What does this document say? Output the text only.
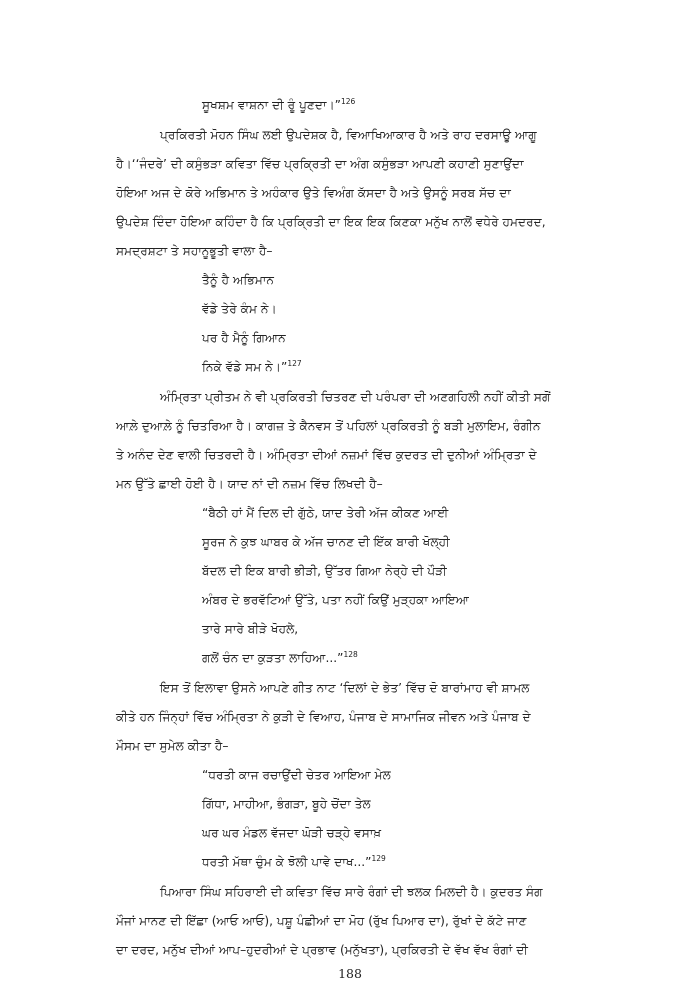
ਸੂਖਸ਼ਮ ਵਾਸ਼ਨਾ ਦੀ ਰੂੰ ਪੂਣਦਾ।”$^{126}$
ਪ੍ਰਕਿਰਤੀ ਮੋਹਨ ਸਿੰਘ ਲਈ ਉਪਦੇਸ਼ਕ ਹੈ, ਵਿਆਖਿਆਕਾਰ ਹੈ ਅਤੇ ਰਾਹ ਦਰਸਾਊ ਆਗੂ
ਹੈ।‘‘ਜੰਦਰੇ’ ਦੀ ਕਸੁੰਭੜਾ ਕਵਿਤਾ ਵਿੱਚ ਪ੍ਰਕ੍ਰਿਤੀ ਦਾ ਅੰਗ ਕਸੁੰਭੜਾ ਆਪਣੀ ਕਹਾਣੀ ਸੁਣਾਉਂਦਾ
ਹੋਇਆ ਅਜ ਦੇ ਕੋਰੇ ਅਭਿਮਾਨ ਤੇ ਅਹੰਕਾਰ ਉਤੇ ਵਿਅੰਗ ਕੱਸਦਾ ਹੈ ਅਤੇ ਉਸਨੂੰ ਸਰਬ ਸੱਚ ਦਾ
ਉਪਦੇਸ਼ ਦਿੰਦਾ ਹੋਇਆ ਕਹਿੰਦਾ ਹੈ ਕਿ ਪ੍ਰਕ੍ਰਿਤੀ ਦਾ ਇਕ ਇਕ ਕਿਣਕਾ ਮਨੁੱਖ ਨਾਲੋਂ ਵਧੇਰੇ ਹਮਦਰਦ,
ਸਮਦ੍ਰਸ਼ਟਾ ਤੇ ਸਹਾਨੂਭੂਤੀ ਵਾਲਾ ਹੈ–
ਤੈਨੂੰ ਹੈ ਅਭਿਮਾਨ
ਵੱਡੇ ਤੇਰੇ ਕੰਮ ਨੇ।
ਪਰ ਹੈ ਮੈਨੂੰ ਗਿਆਨ
ਨਿਕੇ ਵੱਡੇ ਸਮ ਨੇ।”$^{127}$
ਅੰਮ੍ਰਿਤਾ ਪ੍ਰੀਤਮ ਨੇ ਵੀ ਪ੍ਰਕਿਰਤੀ ਚਿਤਰਣ ਦੀ ਪਰੰਪਰਾ ਦੀ ਅਣਗਹਿਲੀ ਨਹੀਂ ਕੀਤੀ ਸਗੋਂ
ਆਲ਼ੇ ਦੁਆਲ਼ੇ ਨੂੰ ਚਿਤਰਿਆ ਹੈ। ਕਾਗਜ਼ ਤੇ ਕੈਨਵਸ ਤੋਂ ਪਹਿਲਾਂ ਪ੍ਰਕਿਰਤੀ ਨੂੰ ਬੜੀ ਮੁਲਾਇਮ, ਰੰਗੀਨ
ਤੇ ਅਨੰਦ ਦੇਣ ਵਾਲੀ ਚਿਤਰਦੀ ਹੈ। ਅੰਮ੍ਰਿਤਾ ਦੀਆਂ ਨਜ਼ਮਾਂ ਵਿੱਚ ਕੁਦਰਤ ਦੀ ਦੁਨੀਆਂ ਅੰਮ੍ਰਿਤਾ ਦੇ
ਮਨ ਉੱਤੇ ਛਾਈ ਹੋਈ ਹੈ। ਯਾਦ ਨਾਂ ਦੀ ਨਜ਼ਮ ਵਿੱਚ ਲਿਖਦੀ ਹੈ–
“ਬੈਠੀ ਹਾਂ ਮੈਂ ਦਿਲ ਦੀ ਗੁੱਠੇ, ਯਾਦ ਤੇਰੀ ਅੱਜ ਕੀਕਣ ਆਈ
ਸੂਰਜ ਨੇ ਕੁਝ ਘਾਬਰ ਕੇ ਅੱਜ ਚਾਨਣ ਦੀ ਇੱਕ ਬਾਰੀ ਖੋਲ੍ਹੀ
ਬੱਦਲ ਦੀ ਇਕ ਬਾਰੀ ਭੀੜੀ, ਉੱਤਰ ਗਿਆ ਨੇਰ੍ਹੇ ਦੀ ਪੌੜੀ
ਅੰਬਰ ਦੇ ਭਰਵੱਟਿਆਂ ਉੱਤੇ, ਪਤਾ ਨਹੀਂ ਕਿਉਂ ਮੁੜ੍ਹਕਾ ਆਇਆ
ਤਾਰੇ ਸਾਰੇ ਬੀੜੇ ਖੋਹਲੇ,
ਗਲੋਂ ਚੰਨ ਦਾ ਕੁੜਤਾ ਲਾਹਿਆ...”$^{128}$
ਇਸ ਤੋਂ ਇਲਾਵਾ ਉਸਨੇ ਆਪਣੇ ਗੀਤ ਨਾਟ ‘ਦਿਲਾਂ ਦੇ ਭੇਤ’ ਵਿੱਚ ਦੋ ਬਾਰਾਂਮਾਹ ਵੀ ਸ਼ਾਮਲ
ਕੀਤੇ ਹਨ ਜਿੰਨ੍ਹਾਂ ਵਿੱਚ ਅੰਮ੍ਰਿਤਾ ਨੇ ਕੁੜੀ ਦੇ ਵਿਆਹ, ਪੰਜਾਬ ਦੇ ਸਾਮਾਜਿਕ ਜੀਵਨ ਅਤੇ ਪੰਜਾਬ ਦੇ
ਮੌਸਮ ਦਾ ਸੁਮੇਲ ਕੀਤਾ ਹੈ–
“ਧਰਤੀ ਕਾਜ ਰਚਾਉਂਦੀ ਚੇਤਰ ਆਇਆ ਮੇਲ
ਗਿੱਧਾ, ਮਾਹੀਆ, ਭੰਗੜਾ, ਬੂਹੇ ਚੋਂਦਾ ਤੇਲ
ਘਰ ਘਰ ਮੰਡਲ ਵੱਜਦਾ ਘੋੜੀ ਚੜ੍ਹੇ ਵਸਾਖ਼
ਧਰਤੀ ਮੱਥਾ ਚੁੰਮ ਕੇ ਝੋਲੀ ਪਾਵੇ ਦਾਖ...”$^{129}$
ਪਿਆਰਾ ਸਿੰਘ ਸਹਿਰਾਈ ਦੀ ਕਵਿਤਾ ਵਿੱਚ ਸਾਰੇ ਰੰਗਾਂ ਦੀ ਝਲਕ ਮਿਲਦੀ ਹੈ। ਕੁਦਰਤ ਸੰਗ
ਮੌਜਾਂ ਮਾਨਣ ਦੀ ਇੱਛਾ (ਆਓ ਆਓ), ਪਸ਼ੂ ਪੰਛੀਆਂ ਦਾ ਮੋਹ (ਰੁੱਖ ਪਿਆਰ ਦਾ), ਰੁੱਖਾਂ ਦੇ ਕੱਟੇ ਜਾਣ
ਦਾ ਦਰਦ, ਮਨੁੱਖ ਦੀਆਂ ਆਪ–ਹੁਦਰੀਆਂ ਦੇ ਪ੍ਰਭਾਵ (ਮਨੁੱਖਤਾ), ਪ੍ਰਕਿਰਤੀ ਦੇ ਵੱਖ ਵੱਖ ਰੰਗਾਂ ਦੀ
188
